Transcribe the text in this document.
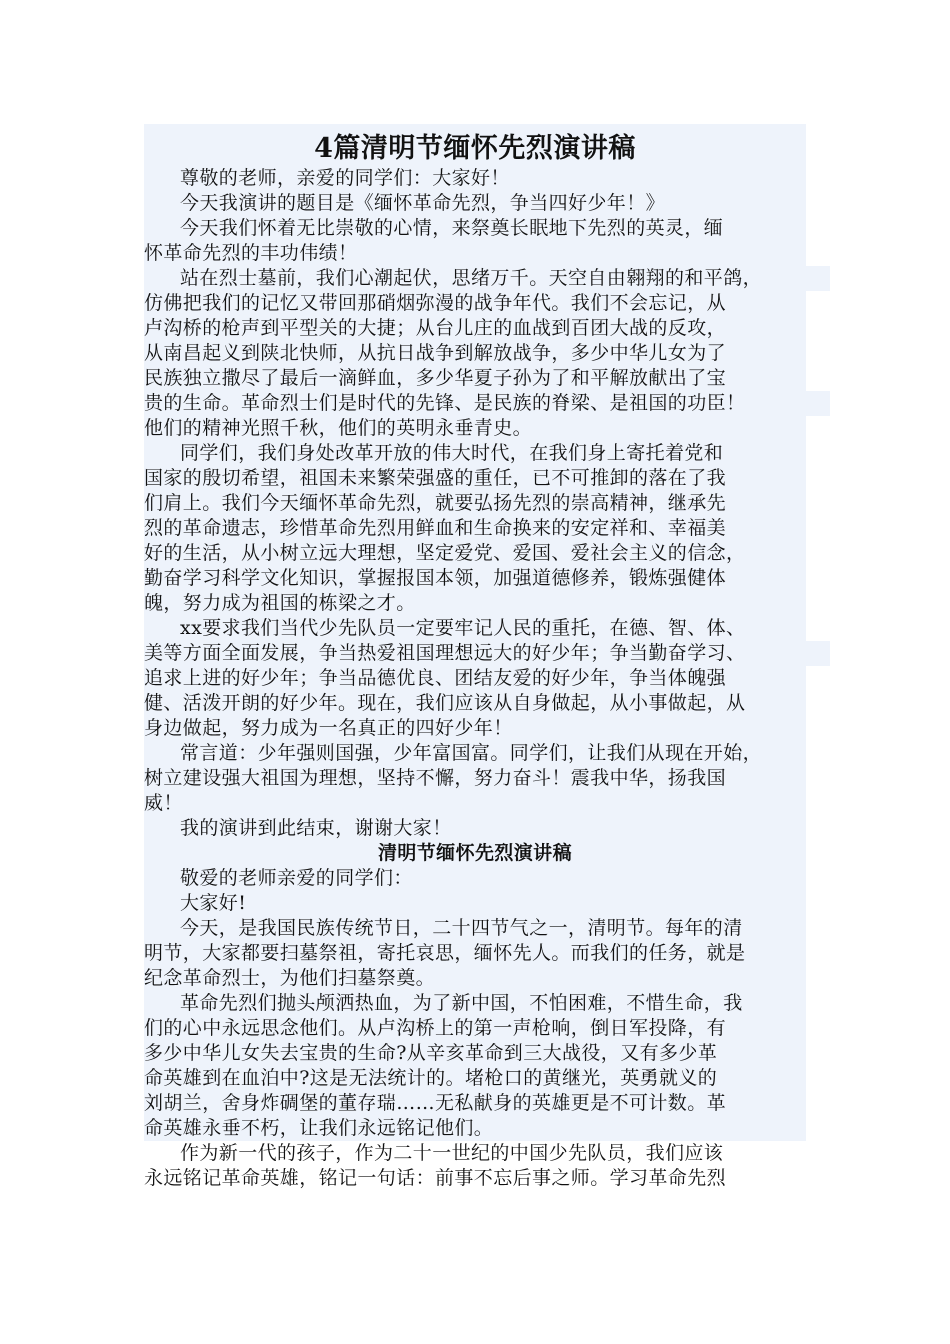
4篇清明节缅怀先烈演讲稿
尊敬的老师，亲爱的同学们：大家好！
今天我演讲的题目是《缅怀革命先烈，争当四好少年！》
今天我们怀着无比崇敬的心情，来祭奠长眠地下先烈的英灵，缅
怀革命先烈的丰功伟绩！
站在烈士墓前，我们心潮起伏，思绪万千。天空自由翱翔的和平鸽，
仿佛把我们的记忆又带回那硝烟弥漫的战争年代。我们不会忘记，从
卢沟桥的枪声到平型关的大捷；从台儿庄的血战到百团大战的反攻，
从南昌起义到陕北快师，从抗日战争到解放战争，多少中华儿女为了
民族独立撒尽了最后一滴鲜血，多少华夏子孙为了和平解放献出了宝
贵的生命。革命烈士们是时代的先锋、是民族的脊梁、是祖国的功臣！
他们的精神光照千秋，他们的英明永垂青史。
同学们，我们身处改革开放的伟大时代，在我们身上寄托着党和
国家的殷切希望，祖国未来繁荣强盛的重任，已不可推卸的落在了我
们肩上。我们今天缅怀革命先烈，就要弘扬先烈的崇高精神，继承先
烈的革命遗志，珍惜革命先烈用鲜血和生命换来的安定祥和、幸福美
好的生活，从小树立远大理想，坚定爱党、爱国、爱社会主义的信念，
勤奋学习科学文化知识，掌握报国本领，加强道德修养，锻炼强健体
魄，努力成为祖国的栋梁之才。
xx要求我们当代少先队员一定要牢记人民的重托，在德、智、体、
美等方面全面发展，争当热爱祖国理想远大的好少年；争当勤奋学习、
追求上进的好少年；争当品德优良、团结友爱的好少年，争当体魄强
健、活泼开朗的好少年。现在，我们应该从自身做起，从小事做起，从
身边做起，努力成为一名真正的四好少年！
常言道：少年强则国强，少年富国富。同学们，让我们从现在开始，
树立建设强大祖国为理想，坚持不懈，努力奋斗！震我中华，扬我国
威！
我的演讲到此结束，谢谢大家！
清明节缅怀先烈演讲稿
敬爱的老师亲爱的同学们：
大家好!
今天，是我国民族传统节日，二十四节气之一，清明节。每年的清
明节，大家都要扫墓祭祖，寄托哀思，缅怀先人。而我们的任务，就是
纪念革命烈士，为他们扫墓祭奠。
革命先烈们抛头颅洒热血，为了新中国，不怕困难，不惜生命，我
们的心中永远思念他们。从卢沟桥上的第一声枪响，倒日军投降，有
多少中华儿女失去宝贵的生命?从辛亥革命到三大战役，又有多少革
命英雄到在血泊中?这是无法统计的。堵枪口的黄继光，英勇就义的
刘胡兰，舍身炸碉堡的董存瑞……无私献身的英雄更是不可计数。革
命英雄永垂不朽，让我们永远铭记他们。
作为新一代的孩子，作为二十一世纪的中国少先队员，我们应该
永远铭记革命英雄，铭记一句话：前事不忘后事之师。学习革命先烈
